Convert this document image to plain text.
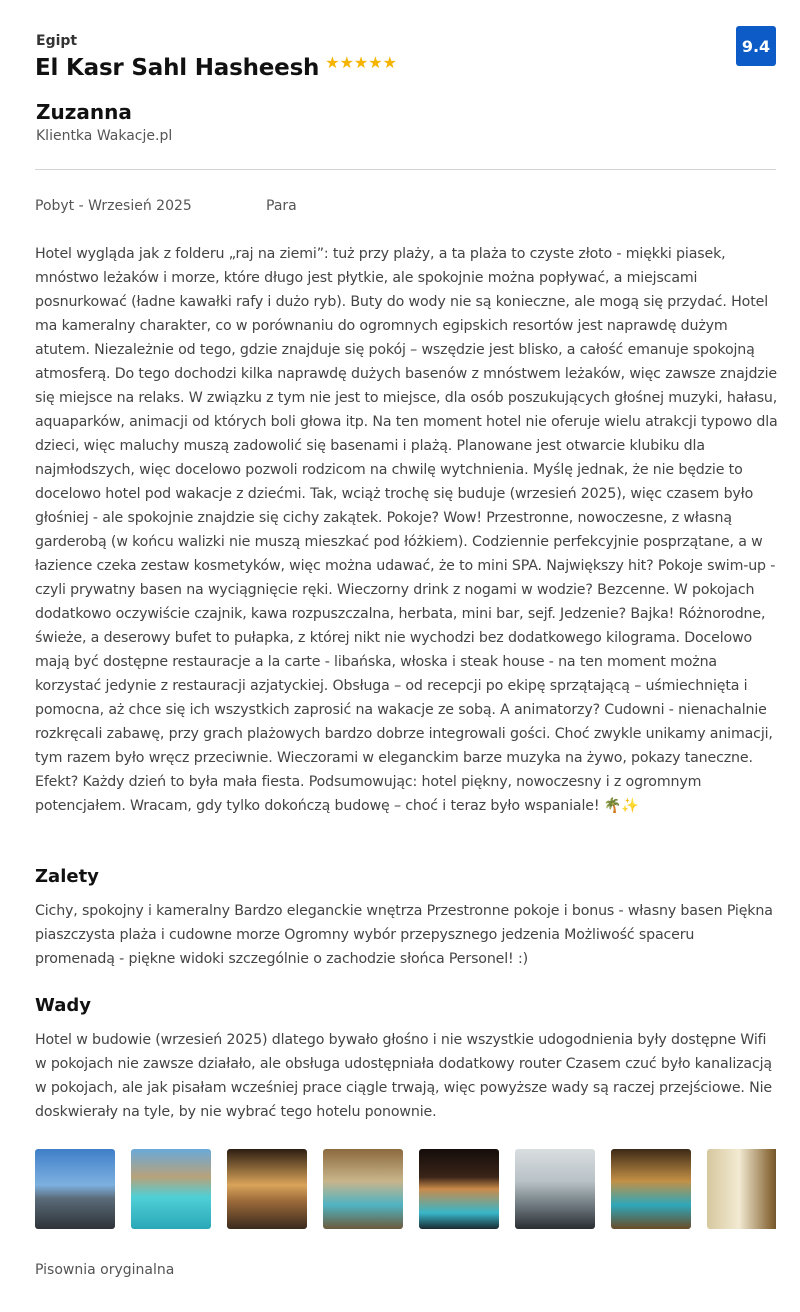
Egipt
El Kasr Sahl Hasheesh ★ ★ ★ ★ ★
9.4
Zuzanna
Klientka Wakacje.pl
Pobyt - Wrzesień 2025	Para
Hotel wygląda jak z folderu „raj na ziemi”: tuż przy plaży, a ta plaża to czyste złoto - miękki piasek, mnóstwo leżaków i morze, które długo jest płytkie, ale spokojnie można popływać, a miejscami posnurkować (ładne kawałki rafy i dużo ryb). Buty do wody nie są konieczne, ale mogą się przydać. Hotel ma kameralny charakter, co w porównaniu do ogromnych egipskich resortów jest naprawdę dużym atutem. Niezależnie od tego, gdzie znajduje się pokój – wszędzie jest blisko, a całość emanuje spokojną atmosferą. Do tego dochodzi kilka naprawdę dużych basenów z mnóstwem leżaków, więc zawsze znajdzie się miejsce na relaks. W związku z tym nie jest to miejsce, dla osób poszukujących głośnej muzyki, hałasu, aquaparków, animacji od których boli głowa itp. Na ten moment hotel nie oferuje wielu atrakcji typowo dla dzieci, więc maluchy muszą zadowolić się basenami i plażą. Planowane jest otwarcie klubiku dla najmłodszych, więc docelowo pozwoli rodzicom na chwilę wytchnienia. Myślę jednak, że nie będzie to docelowo hotel pod wakacje z dziećmi. Tak, wciąż trochę się buduje (wrzesień 2025), więc czasem było głośniej - ale spokojnie znajdzie się cichy zakątek. Pokoje? Wow! Przestronne, nowoczesne, z własną garderobą (w końcu walizki nie muszą mieszkać pod łóżkiem). Codziennie perfekcyjnie posprzątane, a w łazience czeka zestaw kosmetyków, więc można udawać, że to mini SPA. Największy hit? Pokoje swim-up - czyli prywatny basen na wyciągnięcie ręki. Wieczorny drink z nogami w wodzie? Bezcenne. W pokojach dodatkowo oczywiście czajnik, kawa rozpuszczalna, herbata, mini bar, sejf. Jedzenie? Bajka! Różnorodne, świeże, a deserowy bufet to pułapka, z której nikt nie wychodzi bez dodatkowego kilograma. Docelowo mają być dostępne restauracje a la carte - libańska, włoska i steak house - na ten moment można korzystać jedynie z restauracji azjatyckiej. Obsługa – od recepcji po ekipę sprzątającą – uśmiechnięta i pomocna, aż chce się ich wszystkich zaprosić na wakacje ze sobą. A animatorzy? Cudowni - nienachalnie rozkręcali zabawę, przy grach plażowych bardzo dobrze integrowali gości. Choć zwykle unikamy animacji, tym razem było wręcz przeciwnie. Wieczorami w eleganckim barze muzyka na żywo, pokazy taneczne. Efekt? Każdy dzień to była mała fiesta. Podsumowując: hotel piękny, nowoczesny i z ogromnym potencjałem. Wracam, gdy tylko dokończą budowę – choć i teraz było wspaniale! 🌴✨
Zalety
Cichy, spokojny i kameralny Bardzo eleganckie wnętrza Przestronne pokoje i bonus - własny basen Piękna piaszczysta plaża i cudowne morze Ogromny wybór przepysznego jedzenia Możliwość spaceru promenadą - piękne widoki szczególnie o zachodzie słońca Personel! :)
Wady
Hotel w budowie (wrzesień 2025) dlatego bywało głośno i nie wszystkie udogodnienia były dostępne Wifi w pokojach nie zawsze działało, ale obsługa udostępniała dodatkowy router Czasem czuć było kanalizacją w pokojach, ale jak pisałam wcześniej prace ciągle trwają, więc powyższe wady są raczej przejściowe. Nie doskwierały na tyle, by nie wybrać tego hotelu ponownie.
Pisownia oryginalna
